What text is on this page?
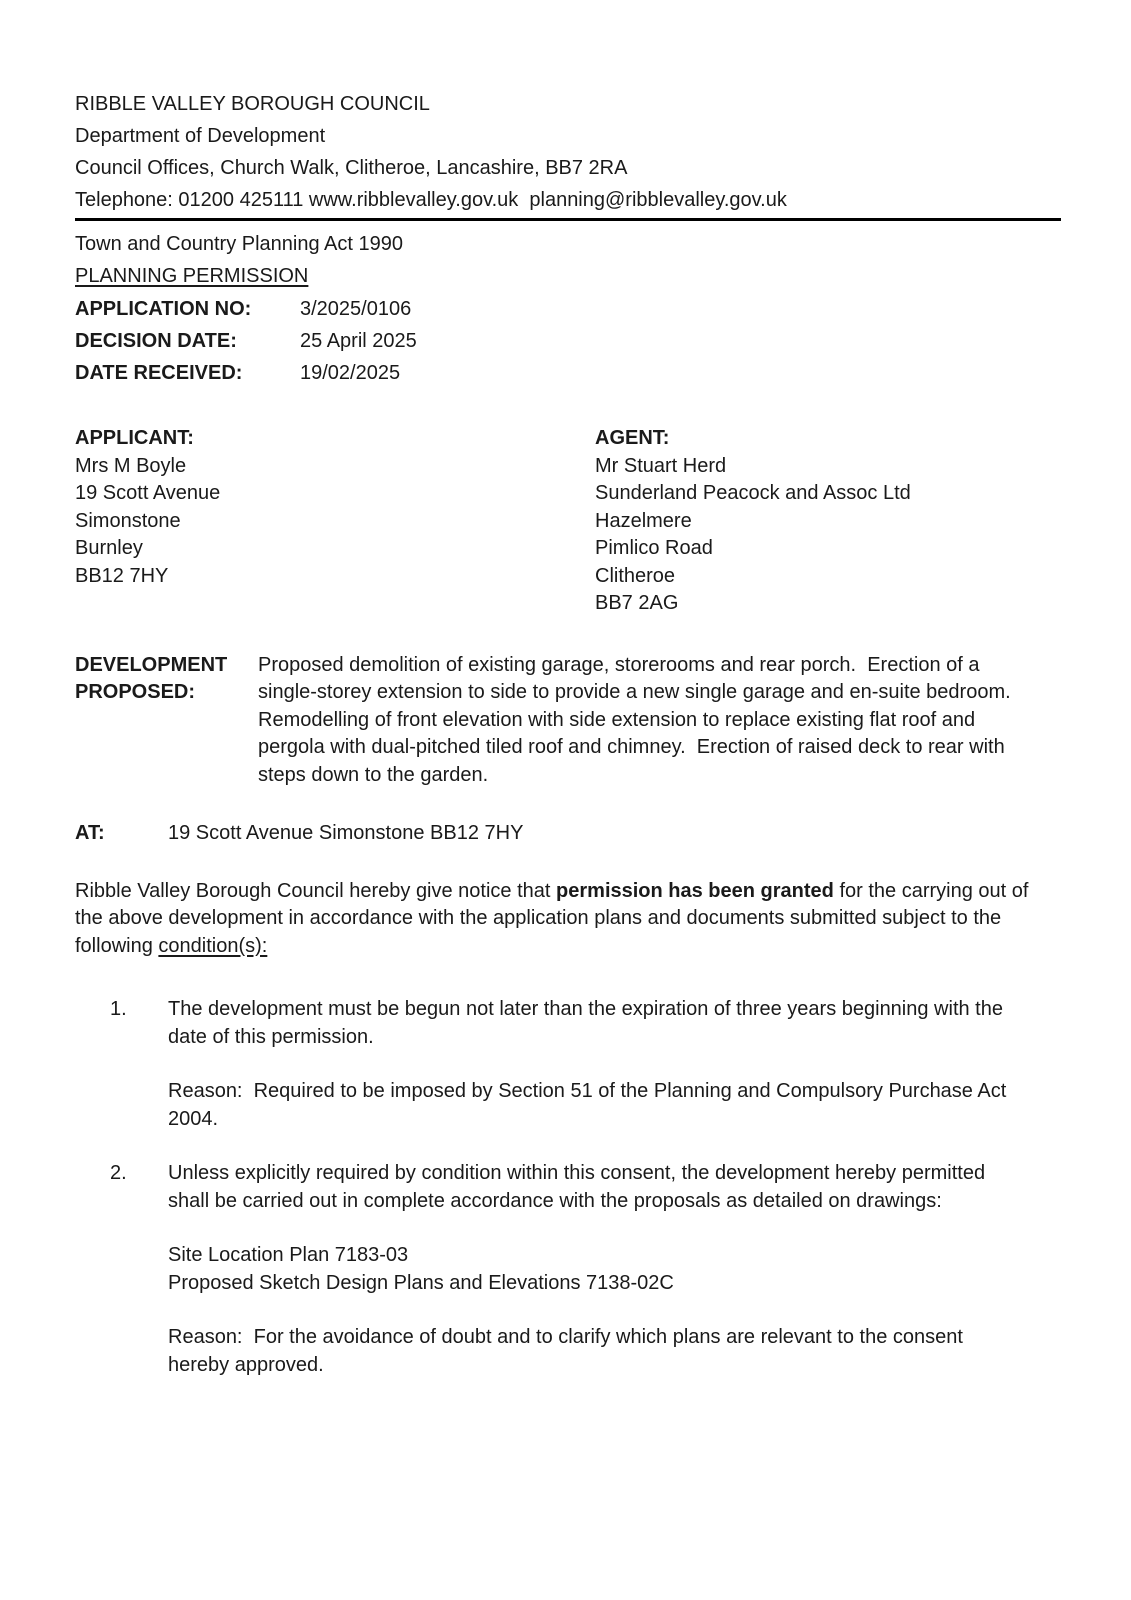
RIBBLE VALLEY BOROUGH COUNCIL
Department of Development
Council Offices, Church Walk, Clitheroe, Lancashire, BB7 2RA
Telephone: 01200 425111 www.ribblevalley.gov.uk  planning@ribblevalley.gov.uk
Town and Country Planning Act 1990
PLANNING PERMISSION
APPLICATION NO:	3/2025/0106
DECISION DATE:	25 April 2025
DATE RECEIVED:	19/02/2025
APPLICANT:
Mrs M Boyle
19 Scott Avenue
Simonstone
Burnley
BB12 7HY
AGENT:
Mr Stuart Herd
Sunderland Peacock and Assoc Ltd
Hazelmere
Pimlico Road
Clitheroe
BB7 2AG
DEVELOPMENT PROPOSED:
Proposed demolition of existing garage, storerooms and rear porch.  Erection of a single-storey extension to side to provide a new single garage and en-suite bedroom.  Remodelling of front elevation with side extension to replace existing flat roof and pergola with dual-pitched tiled roof and chimney.  Erection of raised deck to rear with steps down to the garden.
AT:	19 Scott Avenue Simonstone BB12 7HY

Ribble Valley Borough Council hereby give notice that permission has been granted for the carrying out of the above development in accordance with the application plans and documents submitted subject to the following condition(s):

1.	The development must be begun not later than the expiration of three years beginning with the date of this permission.
Reason:  Required to be imposed by Section 51 of the Planning and Compulsory Purchase Act 2004.
2.	Unless explicitly required by condition within this consent, the development hereby permitted shall be carried out in complete accordance with the proposals as detailed on drawings:
Site Location Plan 7183-03
Proposed Sketch Design Plans and Elevations 7138-02C
Reason:  For the avoidance of doubt and to clarify which plans are relevant to the consent hereby approved.
